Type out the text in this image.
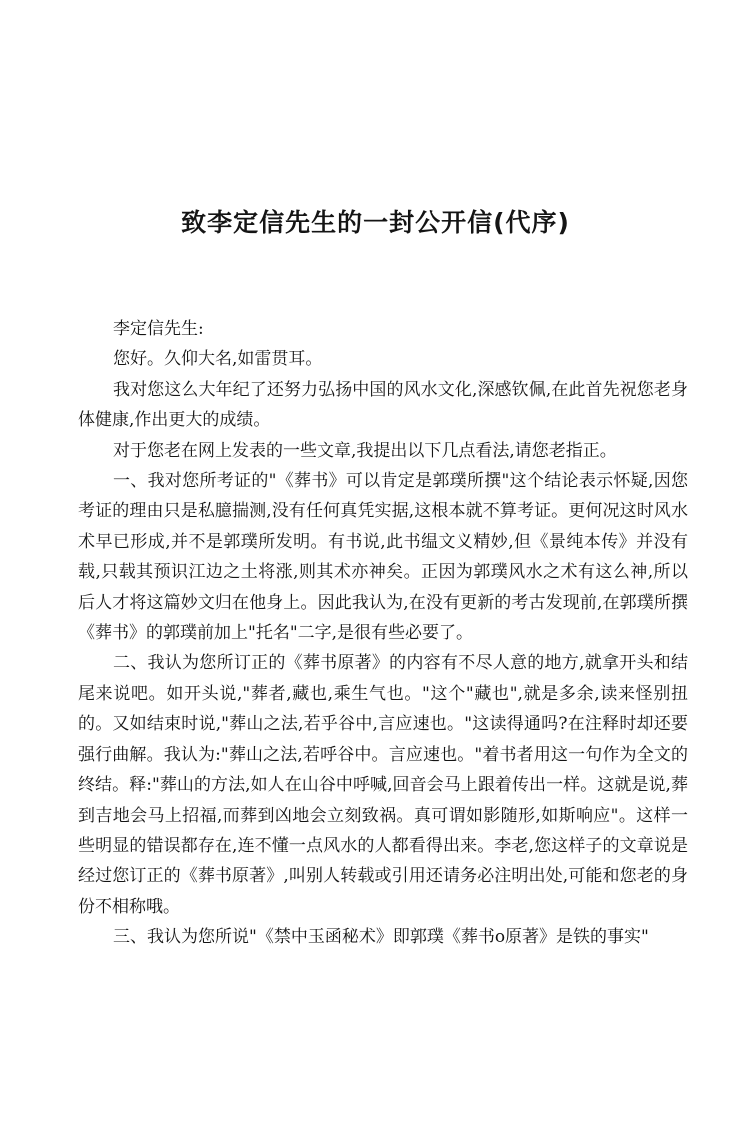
致李定信先生的一封公开信(代序)

李定信先生:

您好。久仰大名,如雷贯耳。

我对您这么大年纪了还努力弘扬中国的风水文化,深感钦佩,在此首先祝您老身体健康,作出更大的成绩。

对于您老在网上发表的一些文章,我提出以下几点看法,请您老指正。

一、我对您所考证的"《葬书》可以肯定是郭璞所撰"这个结论表示怀疑,因您考证的理由只是私臆揣测,没有任何真凭实据,这根本就不算考证。更何况这时风水术早已形成,并不是郭璞所发明。有书说,此书缊文义精妙,但《景纯本传》并没有载,只载其预识江边之土将涨,则其术亦神矣。正因为郭璞风水之术有这么神,所以后人才将这篇妙文归在他身上。因此我认为,在没有更新的考古发现前,在郭璞所撰《葬书》的郭璞前加上"托名"二字,是很有些必要了。

二、我认为您所订正的《葬书原著》的内容有不尽人意的地方,就拿开头和结尾来说吧。如开头说,"葬者,藏也,乘生气也。"这个"藏也",就是多余,读来怪别扭的。又如结束时说,"葬山之法,若乎谷中,言应速也。"这读得通吗?在注释时却还要强行曲解。我认为:"葬山之法,若呼谷中。言应速也。"着书者用这一句作为全文的终结。释:"葬山的方法,如人在山谷中呼喊,回音会马上跟着传出一样。这就是说,葬到吉地会马上招福,而葬到凶地会立刻致祸。真可谓如影随形,如斯响应"。这样一些明显的错误都存在,连不懂一点风水的人都看得出来。李老,您这样子的文章说是经过您订正的《葬书原著》,叫别人转载或引用还请务必注明出处,可能和您老的身份不相称哦。

三、我认为您所说"《禁中玉函秘术》即郭璞《葬书o原著》是铁的事实"
